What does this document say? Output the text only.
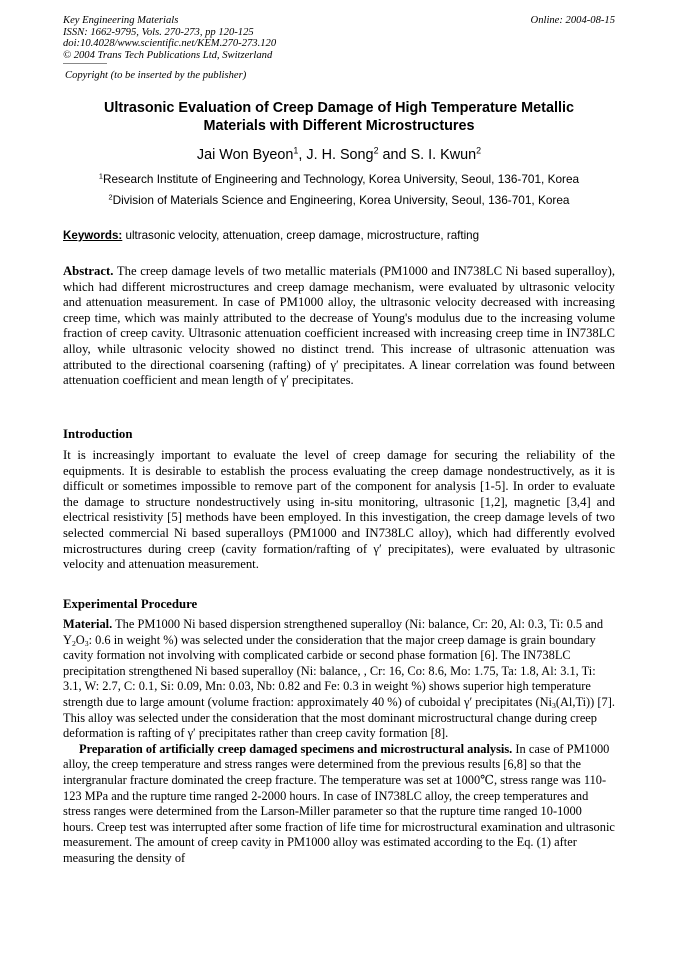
Key Engineering Materials
ISSN: 1662-9795, Vols. 270-273, pp 120-125
doi:10.4028/www.scientific.net/KEM.270-273.120
© 2004 Trans Tech Publications Ltd, Switzerland
Online: 2004-08-15
Copyright (to be inserted by the publisher)
Ultrasonic Evaluation of Creep Damage of High Temperature Metallic
Materials with Different Microstructures
Jai Won Byeon$^1$, J. H. Song$^2$ and S. I. Kwun$^2$
$^1$Research Institute of Engineering and Technology, Korea University, Seoul, 136-701, Korea
$^2$Division of Materials Science and Engineering, Korea University, Seoul, 136-701, Korea
Keywords: ultrasonic velocity, attenuation, creep damage, microstructure, rafting
Abstract. The creep damage levels of two metallic materials (PM1000 and IN738LC Ni based superalloy), which had different microstructures and creep damage mechanism, were evaluated by ultrasonic velocity and attenuation measurement. In case of PM1000 alloy, the ultrasonic velocity decreased with increasing creep time, which was mainly attributed to the decrease of Young's modulus due to the increasing volume fraction of creep cavity. Ultrasonic attenuation coefficient increased with increasing creep time in IN738LC alloy, while ultrasonic velocity showed no distinct trend. This increase of ultrasonic attenuation was attributed to the directional coarsening (rafting) of γ′ precipitates. A linear correlation was found between attenuation coefficient and mean length of γ′ precipitates.
Introduction
It is increasingly important to evaluate the level of creep damage for securing the reliability of the equipments. It is desirable to establish the process evaluating the creep damage nondestructively, as it is difficult or sometimes impossible to remove part of the component for analysis [1-5]. In order to evaluate the damage to structure nondestructively using in-situ monitoring, ultrasonic [1,2], magnetic [3,4] and electrical resistivity [5] methods have been employed. In this investigation, the creep damage levels of two selected commercial Ni based superalloys (PM1000 and IN738LC alloy), which had differently evolved microstructures during creep (cavity formation/rafting of γ′ precipitates), were evaluated by ultrasonic velocity and attenuation measurement.
Experimental Procedure

Material. The PM1000 Ni based dispersion strengthened superalloy (Ni: balance, Cr: 20, Al: 0.3, Ti: 0.5 and $Y_2O_3$: 0.6 in weight %) was selected under the consideration that the major creep damage is grain boundary cavity formation not involving with complicated carbide or second phase formation [6]. The IN738LC precipitation strengthened Ni based superalloy (Ni: balance, , Cr: 16, Co: 8.6, Mo: 1.75, Ta: 1.8, Al: 3.1, Ti: 3.1, W: 2.7, C: 0.1, Si: 0.09, Mn: 0.03, Nb: 0.82 and Fe: 0.3 in weight %) shows superior high temperature strength due to large amount (volume fraction: approximately 40 %) of cuboidal γ′ precipitates $(Ni_3(Al,Ti))$ [7]. This alloy was selected under the consideration that the most dominant microstructural change during creep deformation is rafting of γ′ precipitates rather than creep cavity formation [8].

Preparation of artificially creep damaged specimens and microstructural analysis. In case of PM1000 alloy, the creep temperature and stress ranges were determined from the previous results [6,8] so that the intergranular fracture dominated the creep fracture. The temperature was set at 1000℃, stress range was 110-123 MPa and the rupture time ranged 2-2000 hours. In case of IN738LC alloy, the creep temperatures and stress ranges were determined from the Larson-Miller parameter so that the rupture time ranged 10-1000 hours. Creep test was interrupted after some fraction of life time for microstructural examination and ultrasonic measurement. The amount of creep cavity in PM1000 alloy was estimated according to the Eq. (1) after measuring the density of
